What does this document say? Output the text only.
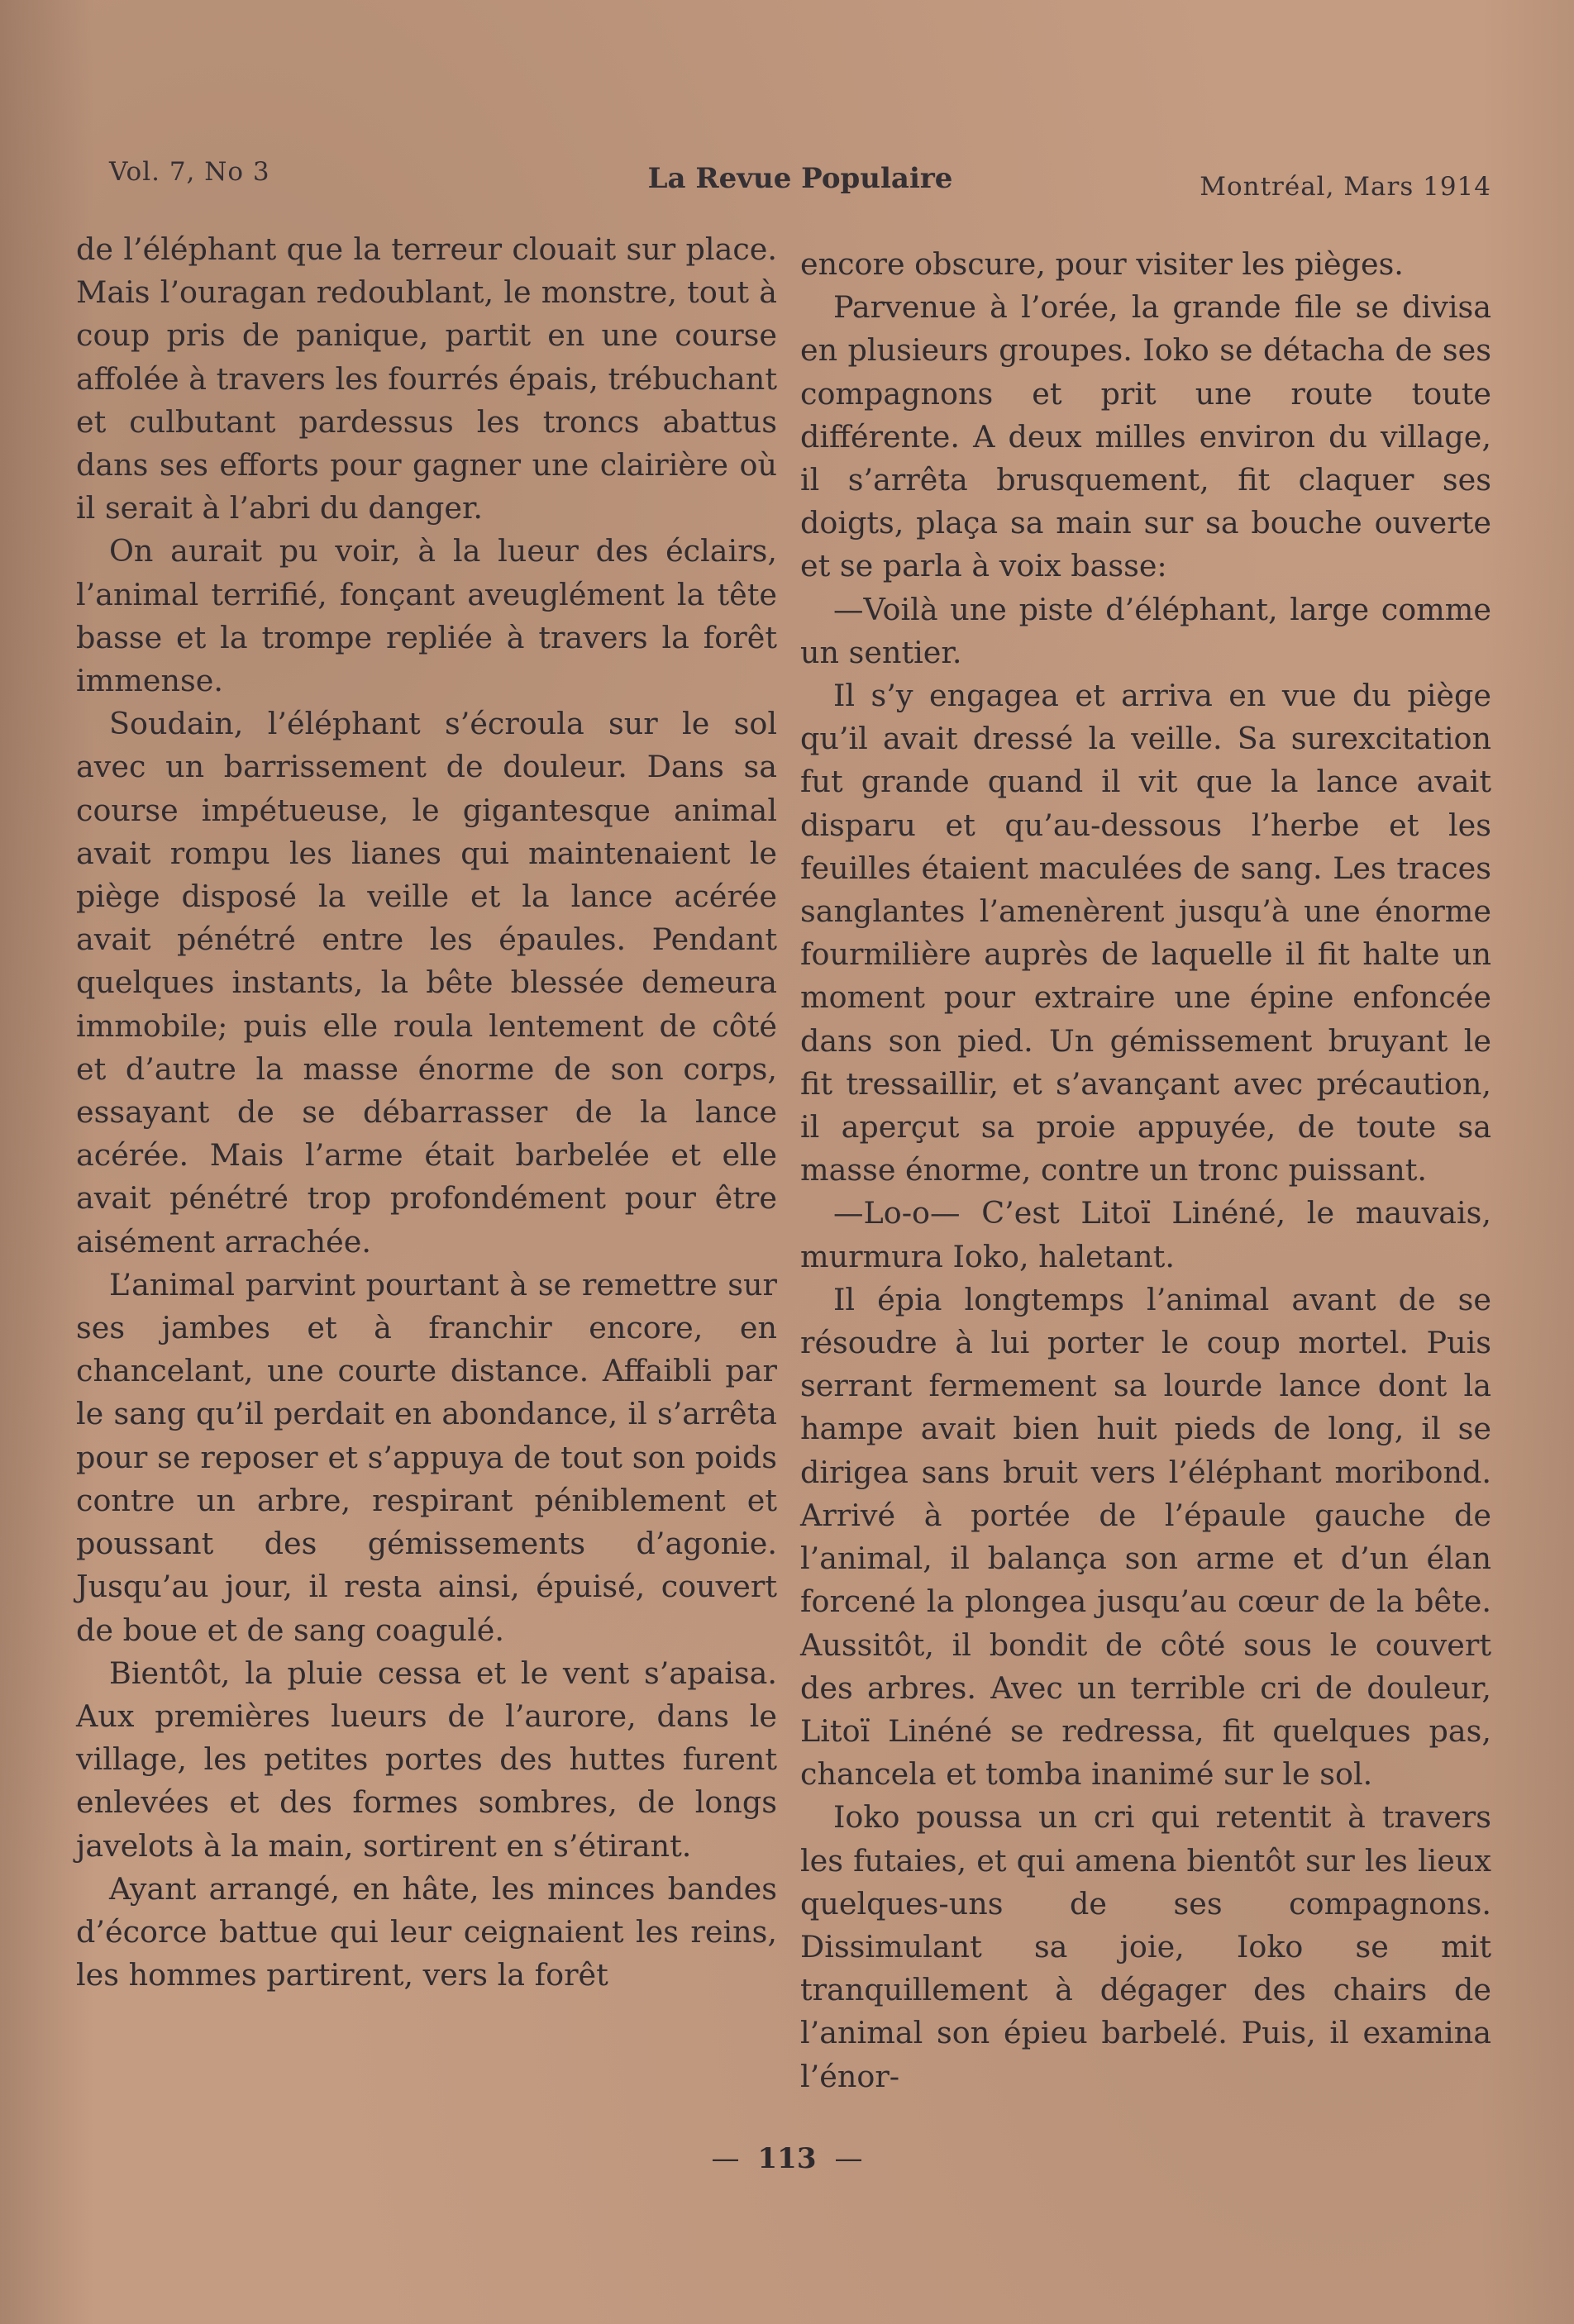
Vol. 7, No 3	La Revue Populaire	Montréal, Mars 1914

de l’éléphant que la terreur clouait sur place. Mais l’ouragan redoublant, le monstre, tout à coup pris de panique, partit en une course affolée à travers les fourrés épais, trébuchant et culbutant pardessus les troncs abattus dans ses efforts pour gagner une clairière où il serait à l’abri du danger.

On aurait pu voir, à la lueur des éclairs, l’animal terrifié, fonçant aveuglément la tête basse et la trompe repliée à travers la forêt immense.

Soudain, l’éléphant s’écroula sur le sol avec un barrissement de douleur. Dans sa course impétueuse, le gigantesque animal avait rompu les lianes qui maintenaient le piège disposé la veille et la lance acérée avait pénétré entre les épaules. Pendant quelques instants, la bête blessée demeura immobile; puis elle roula lentement de côté et d’autre la masse énorme de son corps, essayant de se débarrasser de la lance acérée. Mais l’arme était barbelée et elle avait pénétré trop profondément pour être aisément arrachée.

L’animal parvint pourtant à se remettre sur ses jambes et à franchir encore, en chancelant, une courte distance. Affaibli par le sang qu’il perdait en abondance, il s’arrêta pour se reposer et s’appuya de tout son poids contre un arbre, respirant péniblement et poussant des gémissements d’agonie. Jusqu’au jour, il resta ainsi, épuisé, couvert de boue et de sang coagulé.

Bientôt, la pluie cessa et le vent s’apaisa. Aux premières lueurs de l’aurore, dans le village, les petites portes des huttes furent enlevées et des formes sombres, de longs javelots à la main, sortirent en s’étirant.

Ayant arrangé, en hâte, les minces bandes d’écorce battue qui leur ceignaient les reins, les hommes partirent, vers la forêt

encore obscure, pour visiter les pièges.

Parvenue à l’orée, la grande file se divisa en plusieurs groupes. Ioko se détacha de ses compagnons et prit une route toute différente. A deux milles environ du village, il s’arrêta brusquement, fit claquer ses doigts, plaça sa main sur sa bouche ouverte et se parla à voix basse:

—Voilà une piste d’éléphant, large comme un sentier.

Il s’y engagea et arriva en vue du piège qu’il avait dressé la veille. Sa surexcitation fut grande quand il vit que la lance avait disparu et qu’au-dessous l’herbe et les feuilles étaient maculées de sang. Les traces sanglantes l’amenèrent jusqu’à une énorme fourmilière auprès de laquelle il fit halte un moment pour extraire une épine enfoncée dans son pied. Un gémissement bruyant le fit tressaillir, et s’avançant avec précaution, il aperçut sa proie appuyée, de toute sa masse énorme, contre un tronc puissant.

—Lo-o— C’est Litoï Linéné, le mauvais, murmura Ioko, haletant.

Il épia longtemps l’animal avant de se résoudre à lui porter le coup mortel. Puis serrant fermement sa lourde lance dont la hampe avait bien huit pieds de long, il se dirigea sans bruit vers l’éléphant moribond. Arrivé à portée de l’épaule gauche de l’animal, il balança son arme et d’un élan forcené la plongea jusqu’au cœur de la bête. Aussitôt, il bondit de côté sous le couvert des arbres. Avec un terrible cri de douleur, Litoï Linéné se redressa, fit quelques pas, chancela et tomba inanimé sur le sol.

Ioko poussa un cri qui retentit à travers les futaies, et qui amena bientôt sur les lieux quelques-uns de ses compagnons. Dissimulant sa joie, Ioko se mit tranquillement à dégager des chairs de l’animal son épieu barbelé. Puis, il examina l’énor-

— 113 —
